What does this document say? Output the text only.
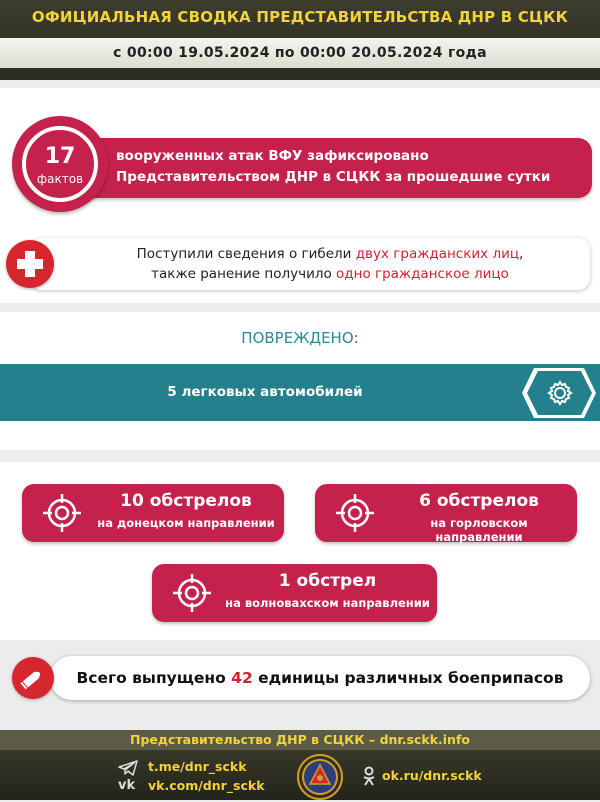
ОФИЦИАЛЬНАЯ СВОДКА ПРЕДСТАВИТЕЛЬСТВА ДНР В СЦКК
с 00:00 19.05.2024 по 00:00 20.05.2024 года
вооруженных атак ВФУ зафиксировано
Представительством ДНР в СЦКК за прошедшие сутки
17
фактов
Поступили сведения о гибели двух гражданских лиц,
также ранение получило одно гражданское лицо
ПОВРЕЖДЕНО:
5 легковых автомобилей
10 обстрелов
на донецком направлении
6 обстрелов
на горловском направлении
1 обстрел
на волновахском направлении
Всего выпущено 42 единицы различных боеприпасов
Представительство ДНР в СЦКК – dnr.sckk.info
t.me/dnr_sckk
vk vk.com/dnr_sckk
ok.ru/dnr.sckk
